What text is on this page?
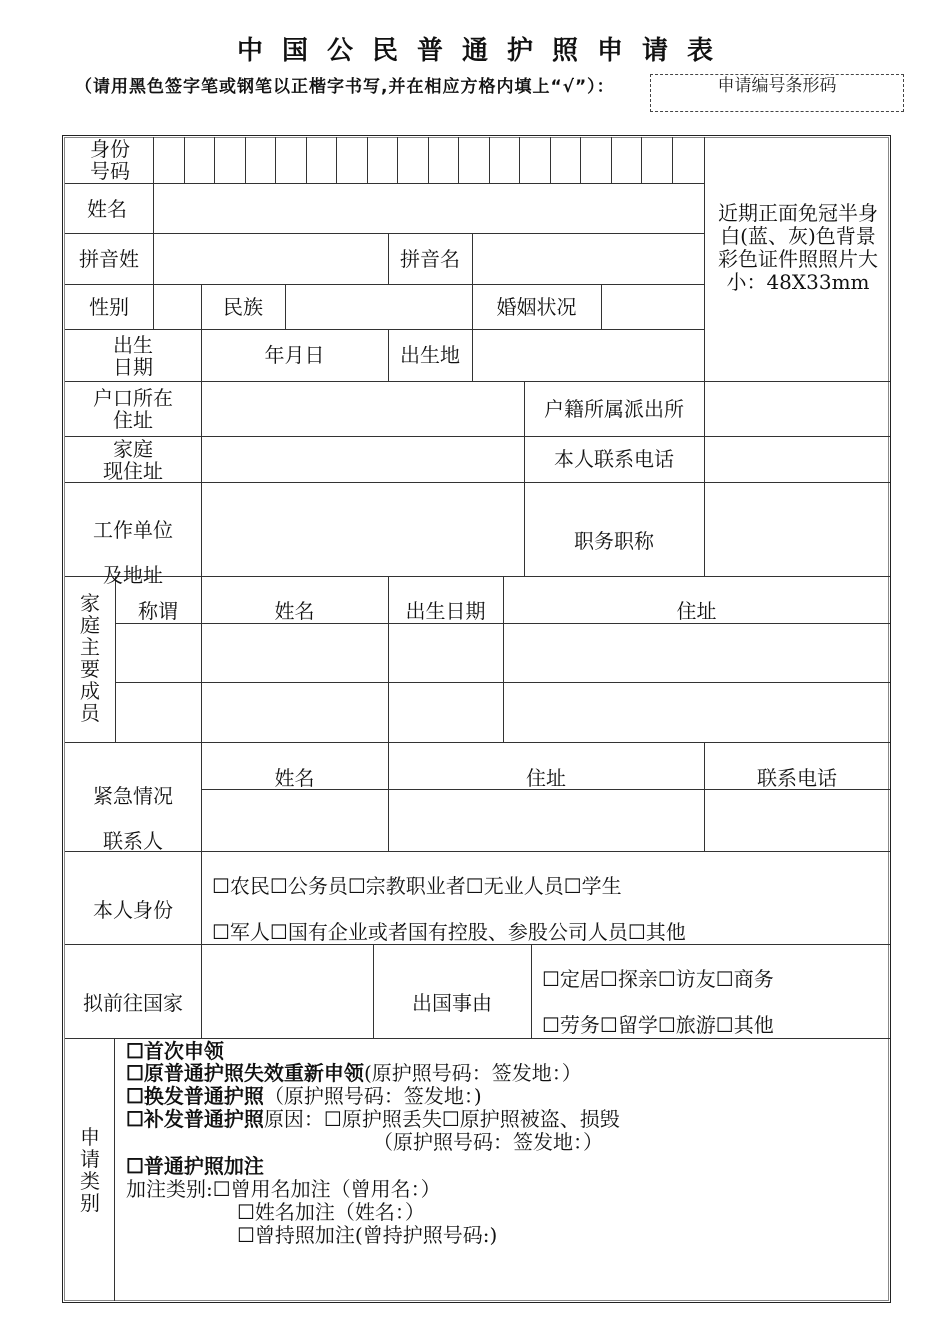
中国公民普通护照申请表
（请用黑色签字笔或钢笔以正楷字书写,并在相应方格内填上“√”）：	申请编号条形码
身份
号码
姓名
拼音姓	拼音名
性别	民族	婚姻状况
出生
日期	年月日	出生地
户口所在
住址	户籍所属派出所
家庭
现住址	本人联系电话
工作单位
及地址
职务职称
近期正面免冠半身白(蓝、灰)色背景彩色证件照照片大小：48X33mm
家庭主要成员
称谓	姓名	出生日期	住址
紧急情况
联系人
姓名	住址	联系电话
本人身份
☐农民☐公务员☐宗教职业者☐无业人员☐学生
☐军人☐国有企业或者国有控股、参股公司人员☐其他
拟前往国家	出国事由
☐定居☐探亲☐访友☐商务
☐劳务☐留学☐旅游☐其他
申请类别
☐首次申领
☐原普通护照失效重新申领(原护照号码：签发地：）
☐换发普通护照（原护照号码：签发地：)
☐补发普通护照原因：☐原护照丢失☐原护照被盗、损毁
（原护照号码：签发地：）
☐普通护照加注
加注类别:☐曾用名加注（曾用名：）
☐姓名加注（姓名：）
☐曾持照加注(曾持护照号码:)
